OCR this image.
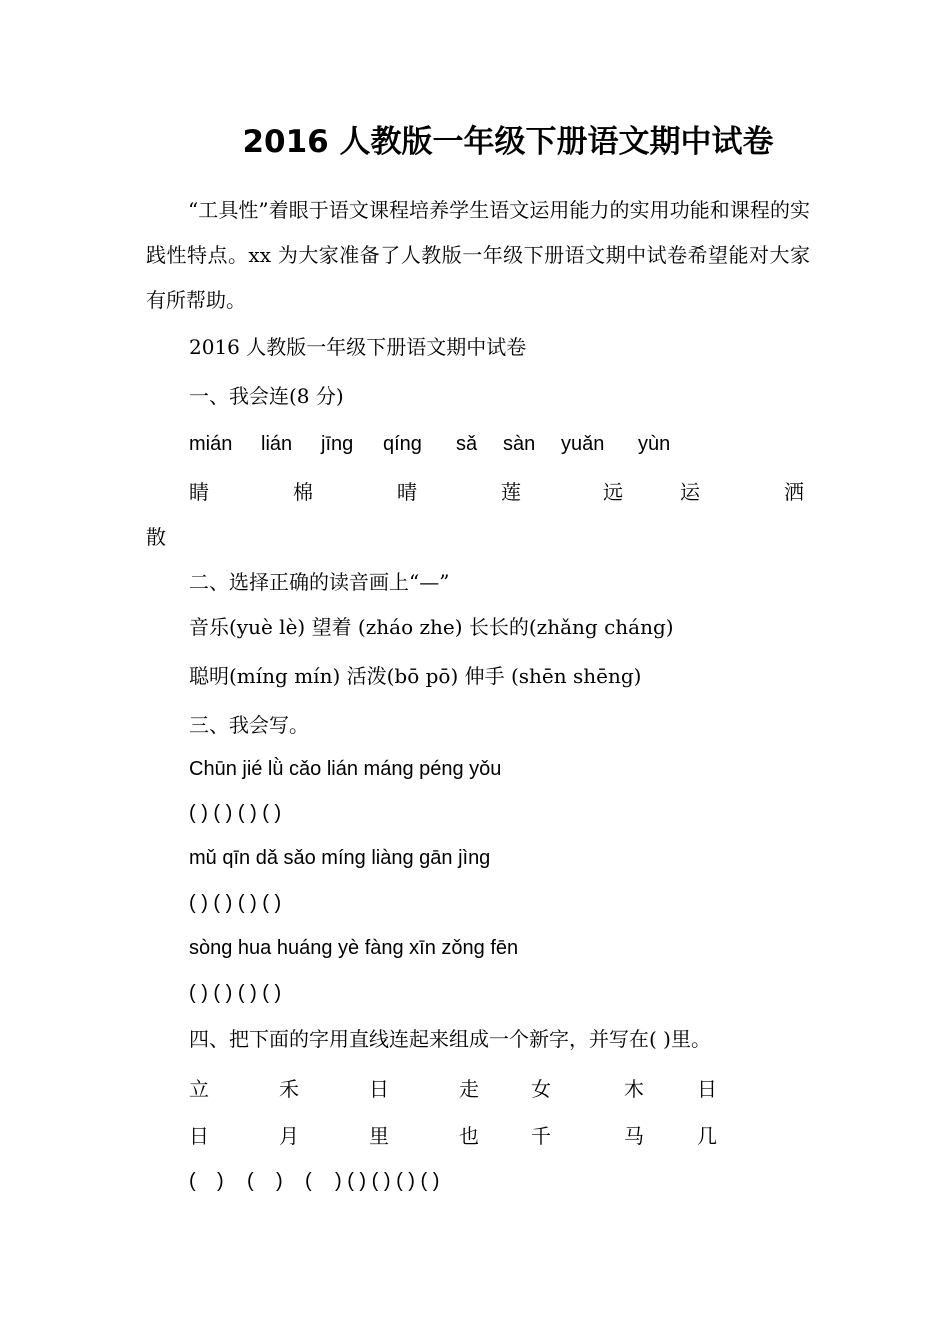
2016 人教版一年级下册语文期中试卷
“工具性”着眼于语文课程培养学生语文运用能力的实用功能和课程的实践性特点。xx 为大家准备了人教版一年级下册语文期中试卷希望能对大家有所帮助。
2016 人教版一年级下册语文期中试卷
一、我会连(8 分)
mián lián jīng qíng sǎ sàn yuǎn yùn
睛	棉	晴	莲	远	运	洒
散
二、选择正确的读音画上“—”
音乐(yuè lè) 望着 (zháo zhe) 长长的(zhǎng cháng)
聪明(míng mín) 活泼(bō pō) 伸手 (shēn shēng)
三、我会写。
Chūn jié lǜ cǎo lián máng péng yǒu
( ) ( ) ( ) ( )
mǔ qīn dǎ sǎo míng liàng gān jìng
( ) ( ) ( ) ( )
sòng hua huáng yè fàng xīn zǒng fēn
( ) ( ) ( ) ( )
四、把下面的字用直线连起来组成一个新字，并写在( )里。
立	禾	日	走	女	木	日
日	月	里	也	千	马	几
( ) ( ) ( ) ( ) ( ) ( ) ( )
